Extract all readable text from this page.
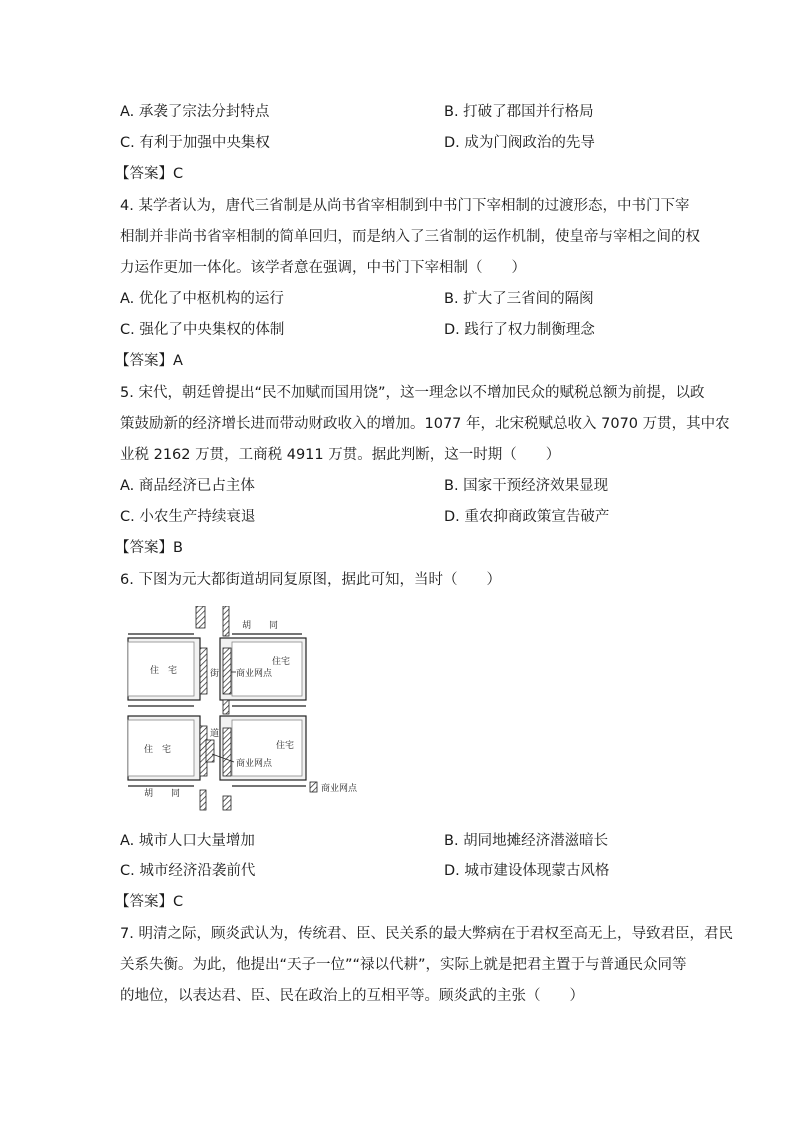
A. 承袭了宗法分封特点	B. 打破了郡国并行格局
C. 有利于加强中央集权	D. 成为门阀政治的先导
【答案】C
4. 某学者认为，唐代三省制是从尚书省宰相制到中书门下宰相制的过渡形态，中书门下宰
相制并非尚书省宰相制的简单回归，而是纳入了三省制的运作机制，使皇帝与宰相之间的权
力运作更加一体化。该学者意在强调，中书门下宰相制（　　）
A. 优化了中枢机构的运行	B. 扩大了三省间的隔阂
C. 强化了中央集权的体制	D. 践行了权力制衡理念
【答案】A
5. 宋代，朝廷曾提出“民不加赋而国用饶”，这一理念以不增加民众的赋税总额为前提，以政
策鼓励新的经济增长进而带动财政收入的增加。1077 年，北宋税赋总收入 7070 万贯，其中农
业税 2162 万贯，工商税 4911 万贯。据此判断，这一时期（　　）
A. 商品经济已占主体	B. 国家干预经济效果显现
C. 小农生产持续衰退	D. 重农抑商政策宣告破产
【答案】B
6. 下图为元大都街道胡同复原图，据此可知，当时（　　）
住　宅
住宅
胡　　同
街 商业网点
住　宅	住宅
道
商业网点
胡　　同	商业网点
A. 城市人口大量增加	B. 胡同地摊经济潜滋暗长
C. 城市经济沿袭前代	D. 城市建设体现蒙古风格
【答案】C
7. 明清之际，顾炎武认为，传统君、臣、民关系的最大弊病在于君权至高无上，导致君臣，君民
关系失衡。为此，他提出“天子一位”“禄以代耕”，实际上就是把君主置于与普通民众同等
的地位，以表达君、臣、民在政治上的互相平等。顾炎武的主张（　　）
